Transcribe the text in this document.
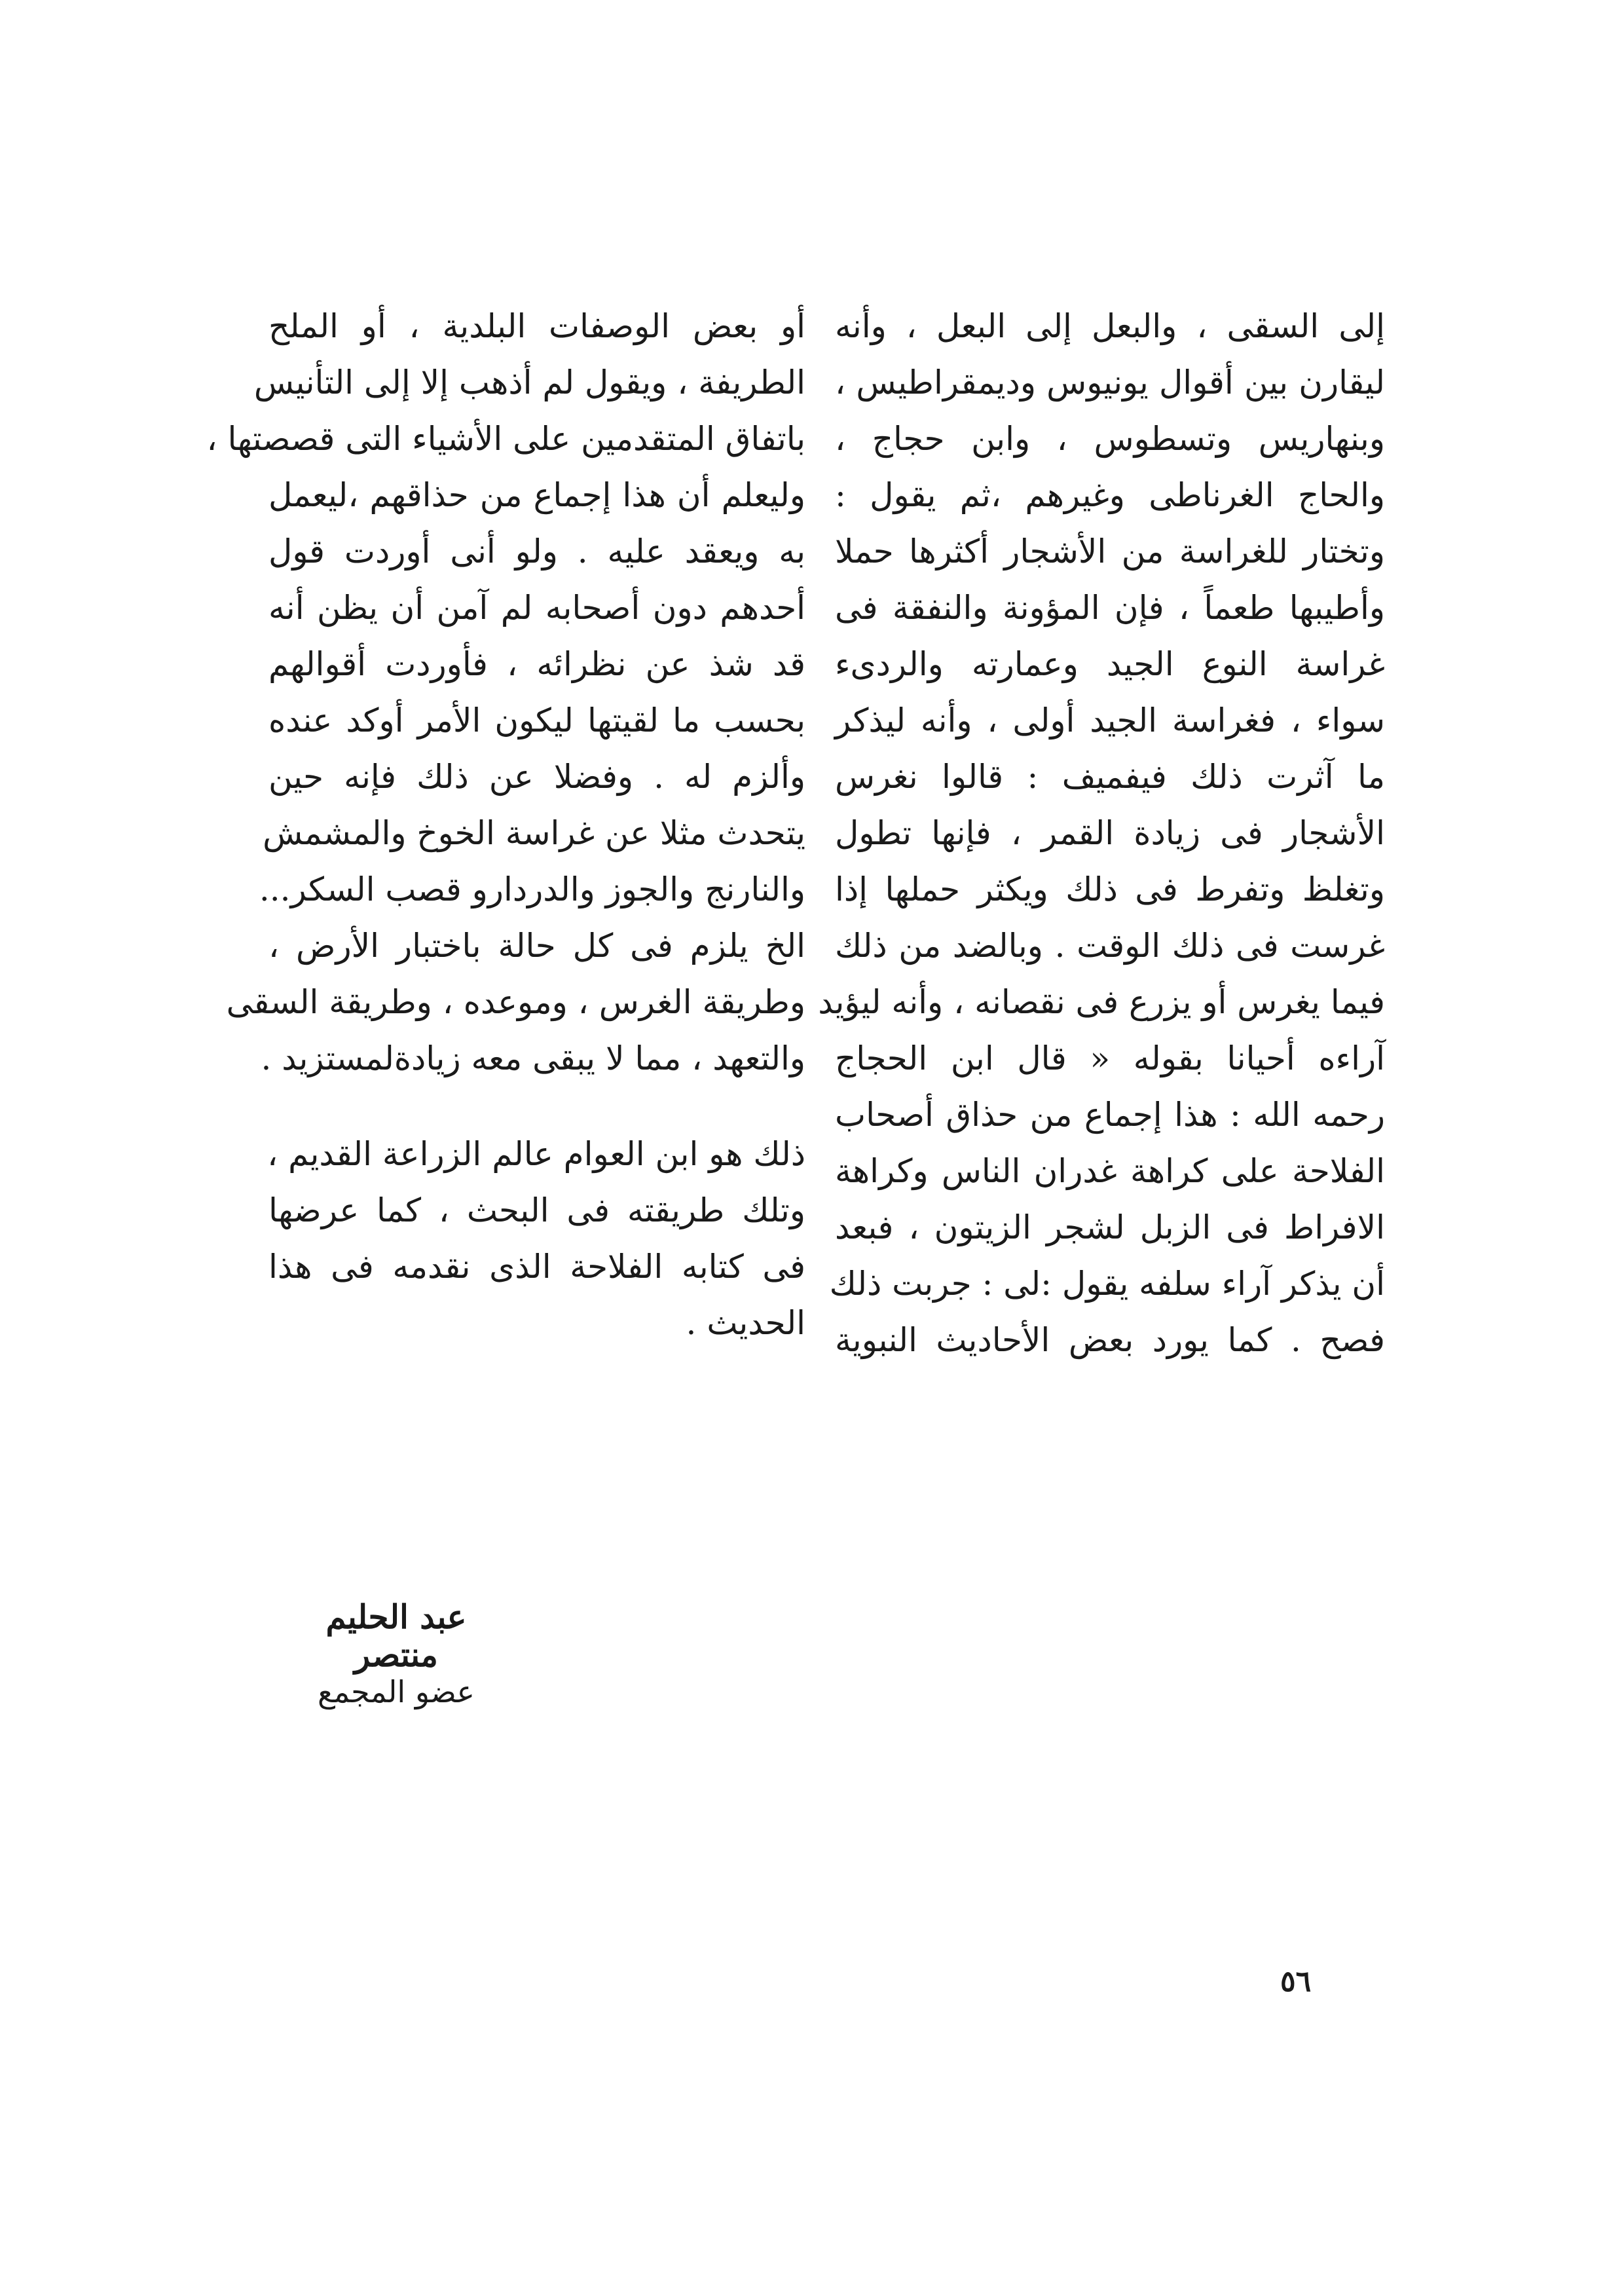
إلى السقى ، والبعل إلى البعل ، وأنه
ليقارن بين أقوال يونيوس وديمقراطيس ،
وبنهاريس وتسطوس ، وابن حجاج ،
والحاج الغرناطى وغيرهم ،ثم يقول :
وتختار للغراسة من الأشجار أكثرها حملا
وأطيبها طعماً ، فإن المؤونة والنفقة فى
غراسة النوع الجيد وعمارته والردىء
سواء ، فغراسة الجيد أولى ، وأنه ليذكر
ما آثرت ذلك فيفميف : قالوا نغرس
الأشجار فى زيادة القمر ، فإنها تطول
وتغلظ وتفرط فى ذلك ويكثر حملها إذا
غرست فى ذلك الوقت . وبالضد من ذلك
فيما يغرس أو يزرع فى نقصانه ، وأنه ليؤيد
آراءه أحيانا بقوله « قال ابن الحجاج
رحمه الله : هذا إجماع من حذاق أصحاب
الفلاحة على كراهة غدران الناس وكراهة
الافراط فى الزبل لشجر الزيتون ، فبعد
أن يذكر آراء سلفه يقول :لى : جربت ذلك
فصح . كما يورد بعض الأحاديث النبوية
أو بعض الوصفات البلدية ، أو الملح
الطريفة ، ويقول لم أذهب إلا إلى التأنيس
باتفاق المتقدمين على الأشياء التى قصصتها ،
وليعلم أن هذا إجماع من حذاقهم ،ليعمل
به ويعقد عليه . ولو أنى أوردت قول
أحدهم دون أصحابه لم آمن أن يظن أنه
قد شذ عن نظرائه ، فأوردت أقوالهم
بحسب ما لقيتها ليكون الأمر أوكد عنده
وألزم له . وفضلا عن ذلك فإنه حين
يتحدث مثلا عن غراسة الخوخ والمشمش
والنارنج والجوز والدردارو قصب السكر...
الخ يلزم فى كل حالة باختبار الأرض ،
وطريقة الغرس ، وموعده ، وطريقة السقى
والتعهد ، مما لا يبقى معه زيادةلمستزيد .
ذلك هو ابن العوام عالم الزراعة القديم ،
وتلك طريقته فى البحث ، كما عرضها
فى كتابه الفلاحة الذى نقدمه فى هذا
الحديث .
عبد الحليم منتصر
عضو المجمع
٥٦
